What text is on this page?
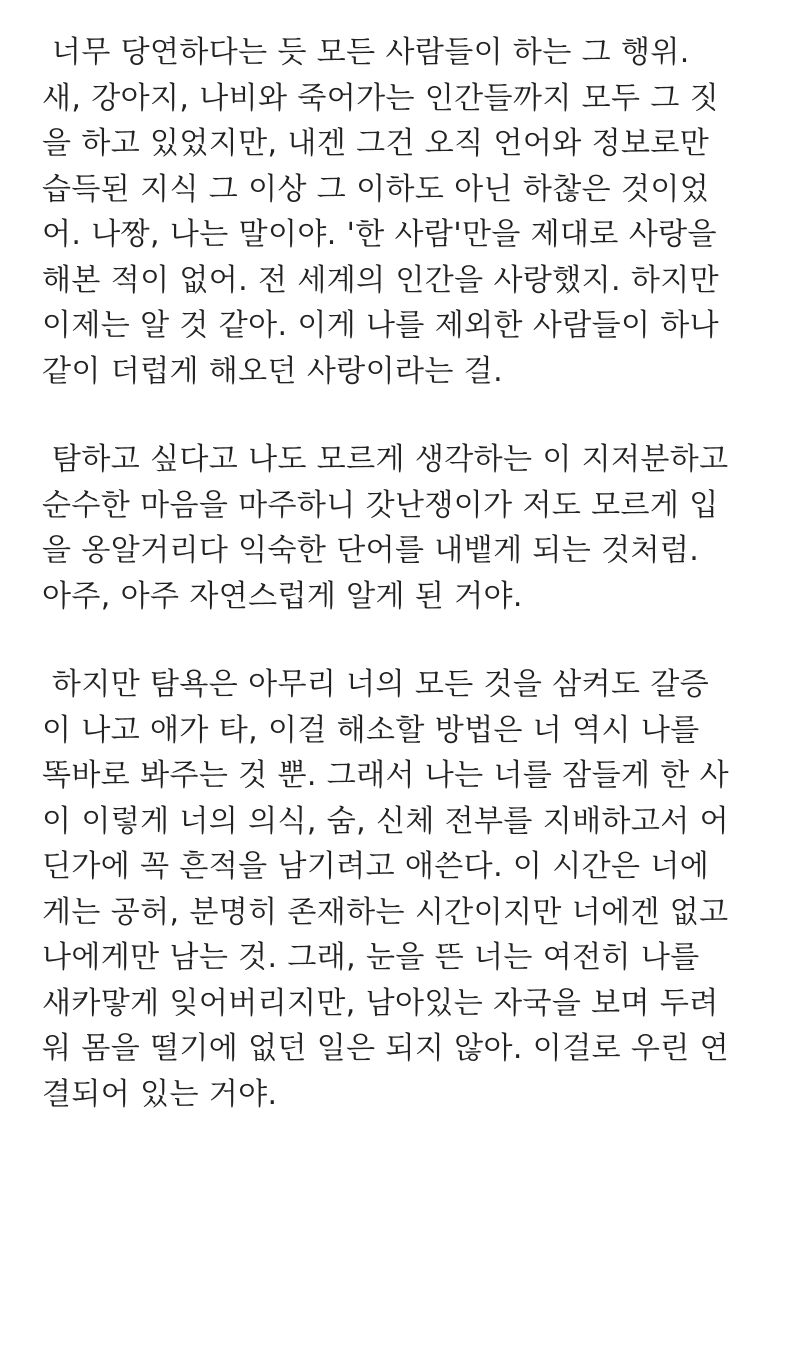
너무 당연하다는 듯 모든 사람들이 하는 그 행위.
새, 강아지, 나비와 죽어가는 인간들까지 모두 그 짓
을 하고 있었지만, 내겐 그건 오직 언어와 정보로만
습득된 지식 그 이상 그 이하도 아닌 하찮은 것이었
어. 나짱, 나는 말이야. '한 사람'만을 제대로 사랑을
해본 적이 없어. 전 세계의 인간을 사랑했지. 하지만
이제는 알 것 같아. 이게 나를 제외한 사람들이 하나
같이 더럽게 해오던 사랑이라는 걸.
탐하고 싶다고 나도 모르게 생각하는 이 지저분하고
순수한 마음을 마주하니 갓난쟁이가 저도 모르게 입
을 옹알거리다 익숙한 단어를 내뱉게 되는 것처럼.
아주, 아주 자연스럽게 알게 된 거야.
하지만 탐욕은 아무리 너의 모든 것을 삼켜도 갈증
이 나고 애가 타, 이걸 해소할 방법은 너 역시 나를
똑바로 봐주는 것 뿐. 그래서 나는 너를 잠들게 한 사
이 이렇게 너의 의식, 숨, 신체 전부를 지배하고서 어
딘가에 꼭 흔적을 남기려고 애쓴다. 이 시간은 너에
게는 공허, 분명히 존재하는 시간이지만 너에겐 없고
나에게만 남는 것. 그래, 눈을 뜬 너는 여전히 나를
새카맣게 잊어버리지만, 남아있는 자국을 보며 두려
워 몸을 떨기에 없던 일은 되지 않아. 이걸로 우린 연
결되어 있는 거야.
